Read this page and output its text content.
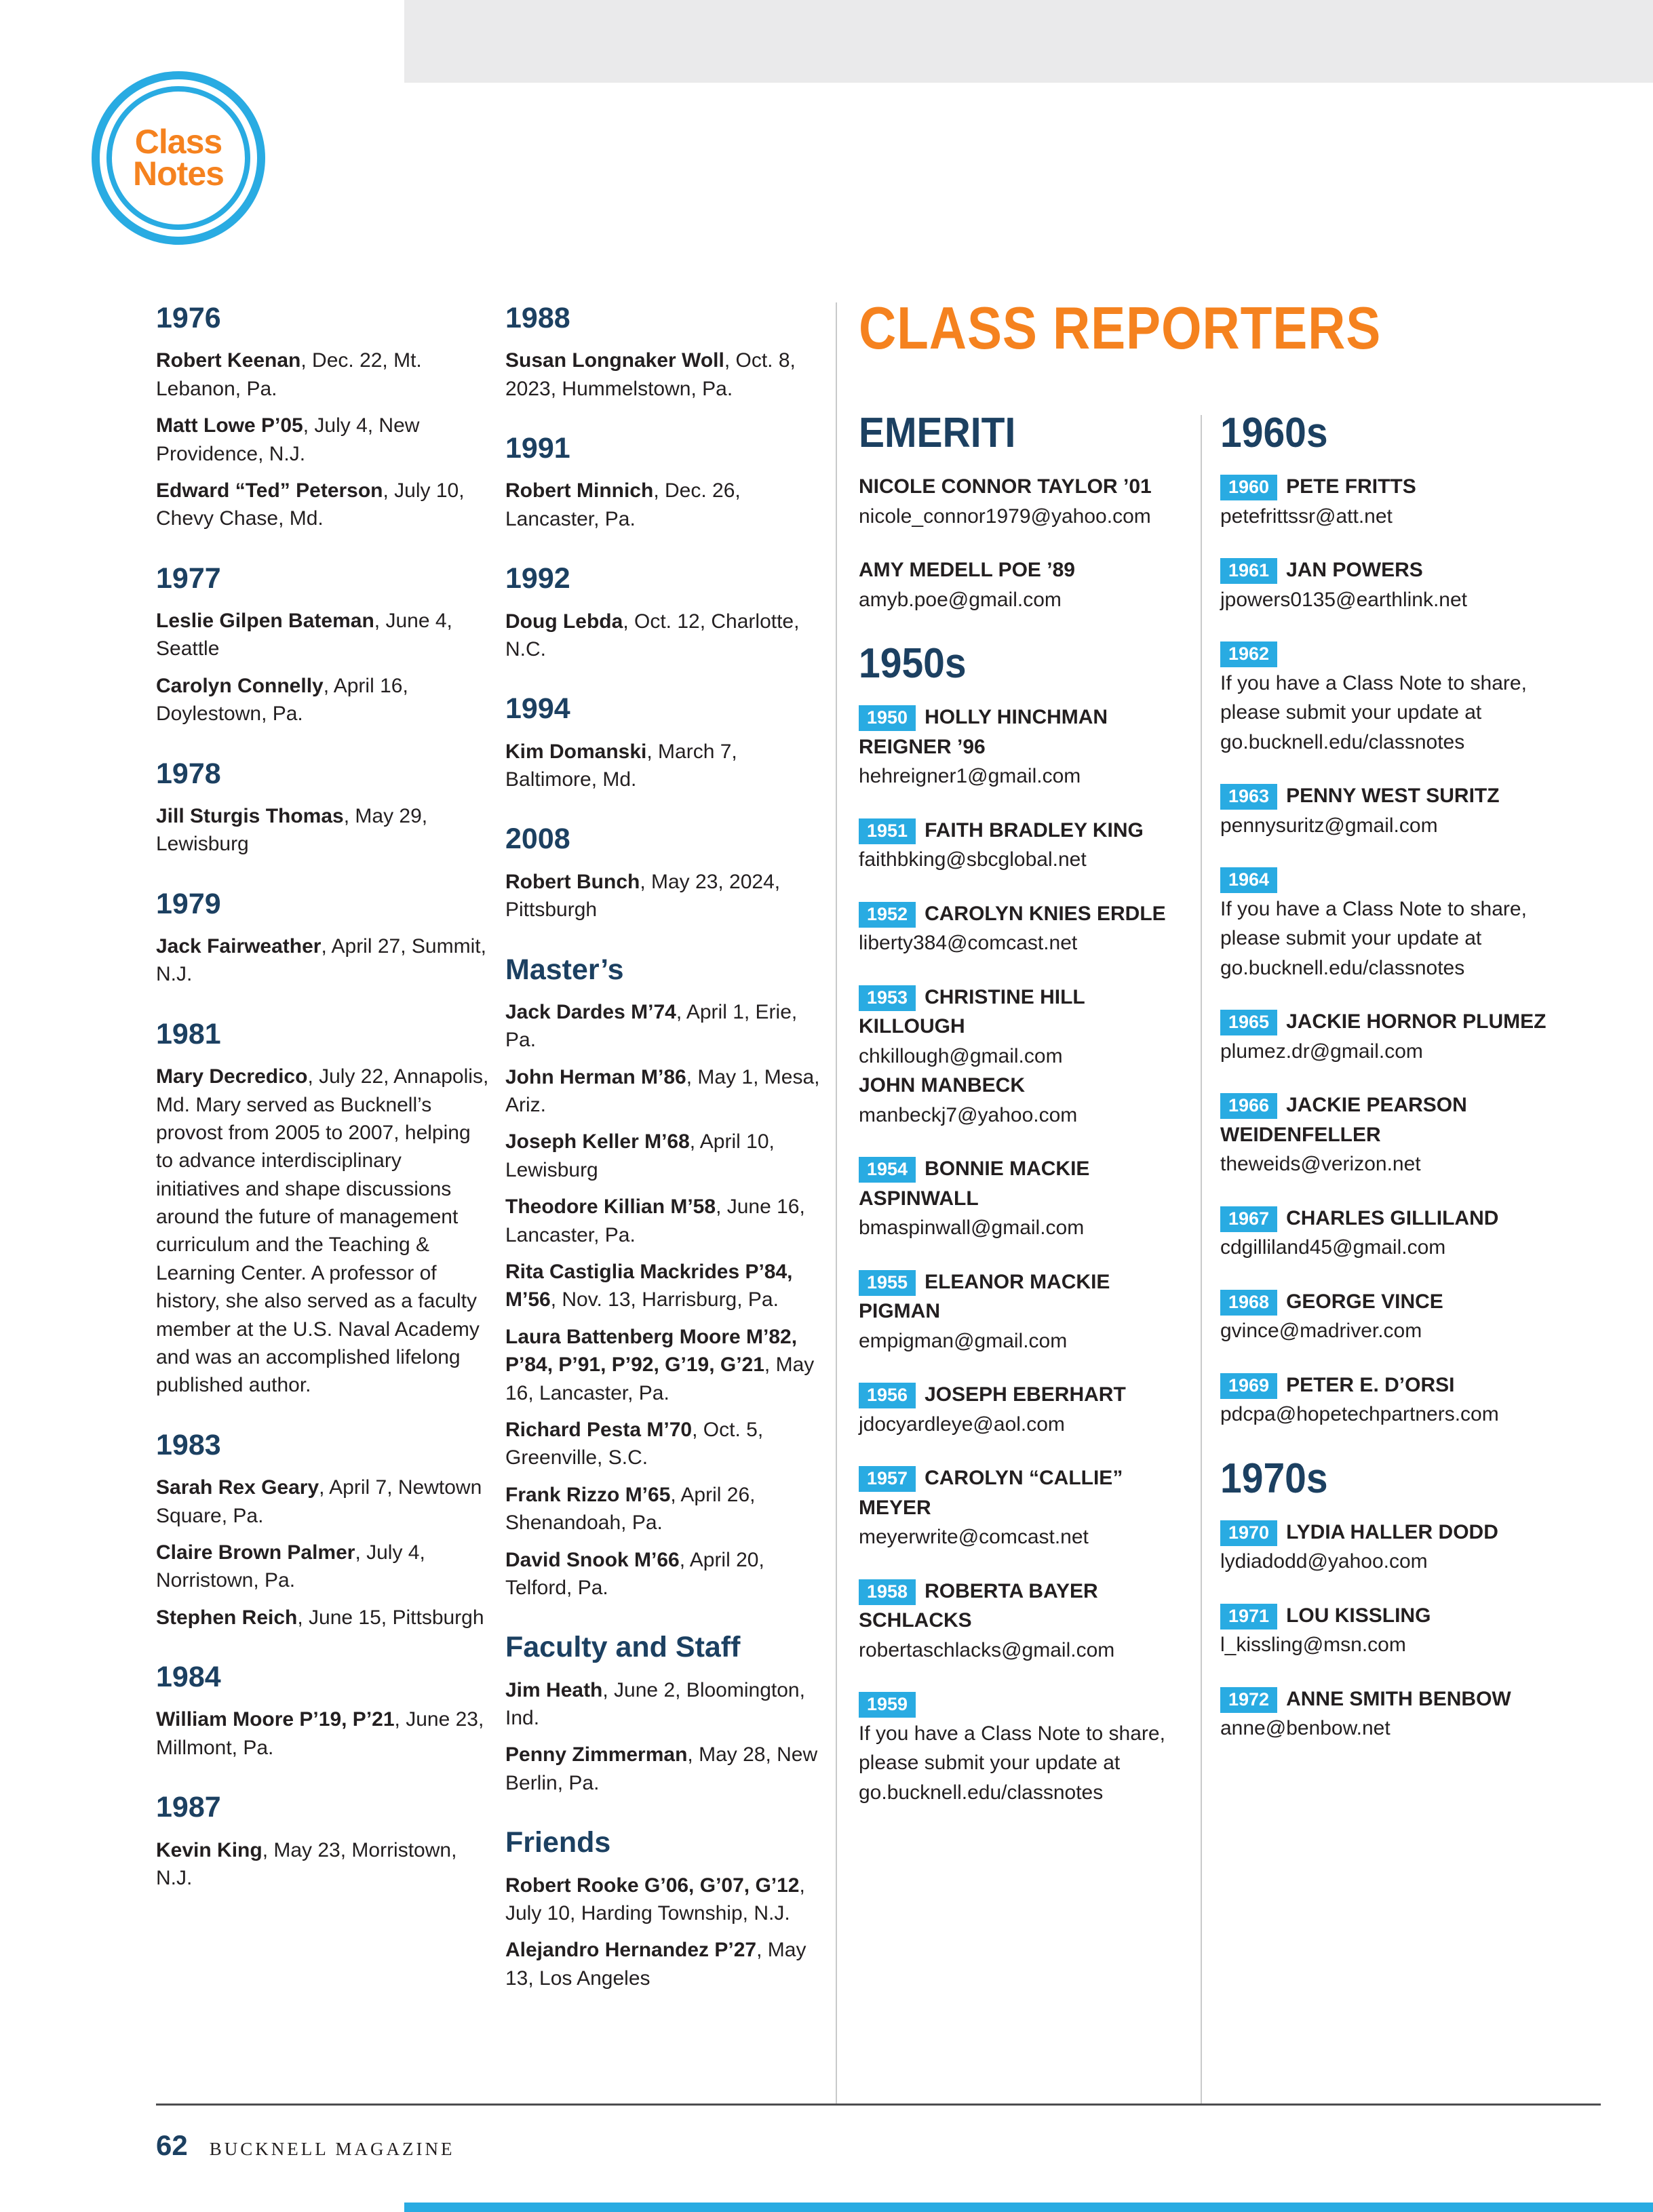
Class
Notes
1976

Robert Keenan, Dec. 22, Mt. Lebanon, Pa.

Matt Lowe P’05, July 4, New Providence, N.J.

Edward “Ted” Peterson, July 10, Chevy Chase, Md.

1977

Leslie Gilpen Bateman, June 4, Seattle

Carolyn Connelly, April 16, Doylestown, Pa.

1978

Jill Sturgis Thomas, May 29, Lewisburg

1979

Jack Fairweather, April 27, Summit, N.J.

1981

Mary Decredico, July 22, Annapolis, Md. Mary served as Bucknell’s provost from 2005 to 2007, helping to advance interdisciplinary initiatives and shape discussions around the future of management curriculum and the Teaching & Learning Center. A professor of history, she also served as a faculty member at the U.S. Naval Academy and was an accomplished lifelong published author.

1983

Sarah Rex Geary, April 7, Newtown Square, Pa.

Claire Brown Palmer, July 4, Norristown, Pa.

Stephen Reich, June 15, Pittsburgh

1984

William Moore P’19, P’21, June 23, Millmont, Pa.

1987

Kevin King, May 23, Morristown, N.J.

1988

Susan Longnaker Woll, Oct. 8, 2023, Hummelstown, Pa.

1991

Robert Minnich, Dec. 26, Lancaster, Pa.

1992

Doug Lebda, Oct. 12, Charlotte, N.C.

1994

Kim Domanski, March 7, Baltimore, Md.

2008

Robert Bunch, May 23, 2024, Pittsburgh

Master’s

Jack Dardes M’74, April 1, Erie, Pa.

John Herman M’86, May 1, Mesa, Ariz.

Joseph Keller M’68, April 10, Lewisburg

Theodore Killian M’58, June 16, Lancaster, Pa.

Rita Castiglia Mackrides P’84, M’56, Nov. 13, Harrisburg, Pa.

Laura Battenberg Moore M’82, P’84, P’91, P’92, G’19, G’21, May 16, Lancaster, Pa.

Richard Pesta M’70, Oct. 5, Greenville, S.C.

Frank Rizzo M’65, April 26, Shenandoah, Pa.

David Snook M’66, April 20, Telford, Pa.

Faculty and Staff

Jim Heath, June 2, Bloomington, Ind.

Penny Zimmerman, May 28, New Berlin, Pa.

Friends

Robert Rooke G’06, G’07, G’12, July 10, Harding Township, N.J.

Alejandro Hernandez P’27, May 13, Los Angeles

CLASS REPORTERS
EMERITI

NICOLE CONNOR TAYLOR ’01

nicole_connor1979@yahoo.com

AMY MEDELL POE ’89

amyb.poe@gmail.com

1950s

1950 HOLLY HINCHMAN REIGNER ’96

hehreigner1@gmail.com

1951 FAITH BRADLEY KING

faithbking@sbcglobal.net

1952 CAROLYN KNIES ERDLE

liberty384@comcast.net

1953 CHRISTINE HILL KILLOUGH

chkillough@gmail.com

JOHN MANBECK

manbeckj7@yahoo.com

1954 BONNIE MACKIE ASPINWALL

bmaspinwall@gmail.com

1955 ELEANOR MACKIE PIGMAN

empigman@gmail.com

1956 JOSEPH EBERHART

jdocyardleye@aol.com

1957 CAROLYN “CALLIE” MEYER

meyerwrite@comcast.net

1958 ROBERTA BAYER SCHLACKS

robertaschlacks@gmail.com

1959

If you have a Class Note to share, please submit your update at go.bucknell.edu/classnotes

1960s

1960 PETE FRITTS

petefrittssr@att.net

1961 JAN POWERS

jpowers0135@earthlink.net

1962

If you have a Class Note to share, please submit your update at go.bucknell.edu/classnotes

1963 PENNY WEST SURITZ

pennysuritz@gmail.com

1964

If you have a Class Note to share, please submit your update at go.bucknell.edu/classnotes

1965 JACKIE HORNOR PLUMEZ

plumez.dr@gmail.com

1966 JACKIE PEARSON WEIDENFELLER

theweids@verizon.net

1967 CHARLES GILLILAND

cdgilliland45@gmail.com

1968 GEORGE VINCE

gvince@madriver.com

1969 PETER E. D’ORSI

pdcpa@hopetechpartners.com

1970s

1970 LYDIA HALLER DODD

lydiadodd@yahoo.com

1971 LOU KISSLING

l_kissling@msn.com

1972 ANNE SMITH BENBOW

anne@benbow.net

62 BUCKNELL MAGAZINE
